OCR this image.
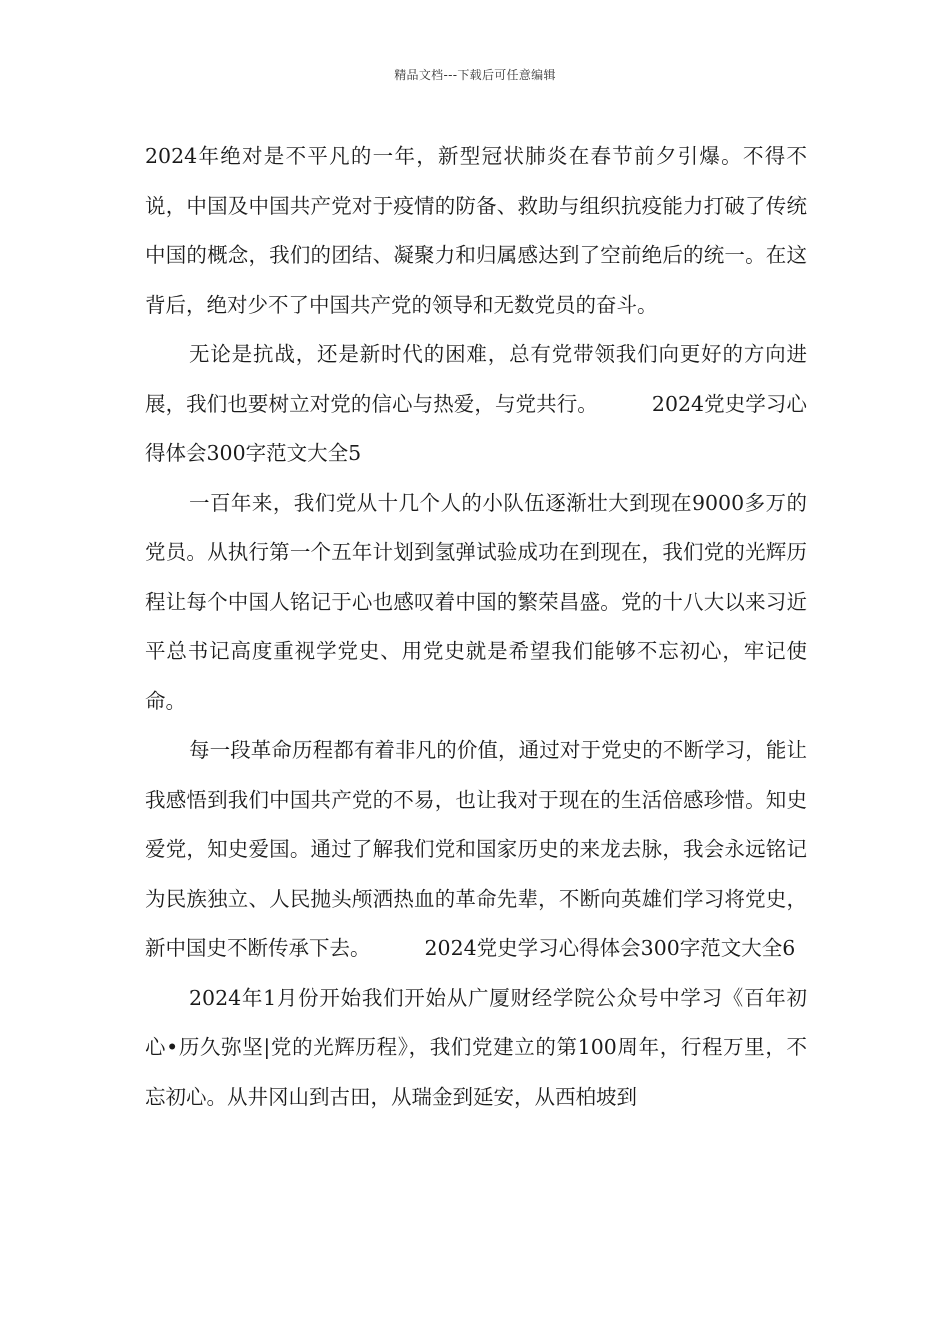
精品文档---下载后可任意编辑

2024年绝对是不平凡的一年，新型冠状肺炎在春节前夕引爆。不得不说，中国及中国共产党对于疫情的防备、救助与组织抗疫能力打破了传统中国的概念，我们的团结、凝聚力和归属感达到了空前绝后的统一。在这背后，绝对少不了中国共产党的领导和无数党员的奋斗。

无论是抗战，还是新时代的困难，总有党带领我们向更好的方向进展，我们也要树立对党的信心与热爱，与党共行。	2024党史学习心得体会300字范文大全5

一百年来，我们党从十几个人的小队伍逐渐壮大到现在9000多万的党员。从执行第一个五年计划到氢弹试验成功在到现在，我们党的光辉历程让每个中国人铭记于心也感叹着中国的繁荣昌盛。党的十八大以来习近平总书记高度重视学党史、用党史就是希望我们能够不忘初心，牢记使命。

每一段革命历程都有着非凡的价值，通过对于党史的不断学习，能让我感悟到我们中国共产党的不易，也让我对于现在的生活倍感珍惜。知史爱党，知史爱国。通过了解我们党和国家历史的来龙去脉，我会永远铭记为民族独立、人民抛头颅洒热血的革命先辈，不断向英雄们学习将党史，新中国史不断传承下去。	2024党史学习心得体会300字范文大全6

2024年1月份开始我们开始从广厦财经学院公众号中学习《百年初心•历久弥坚|党的光辉历程》，我们党建立的第100周年，行程万里，不忘初心。从井冈山到古田，从瑞金到延安，从西柏坡到
